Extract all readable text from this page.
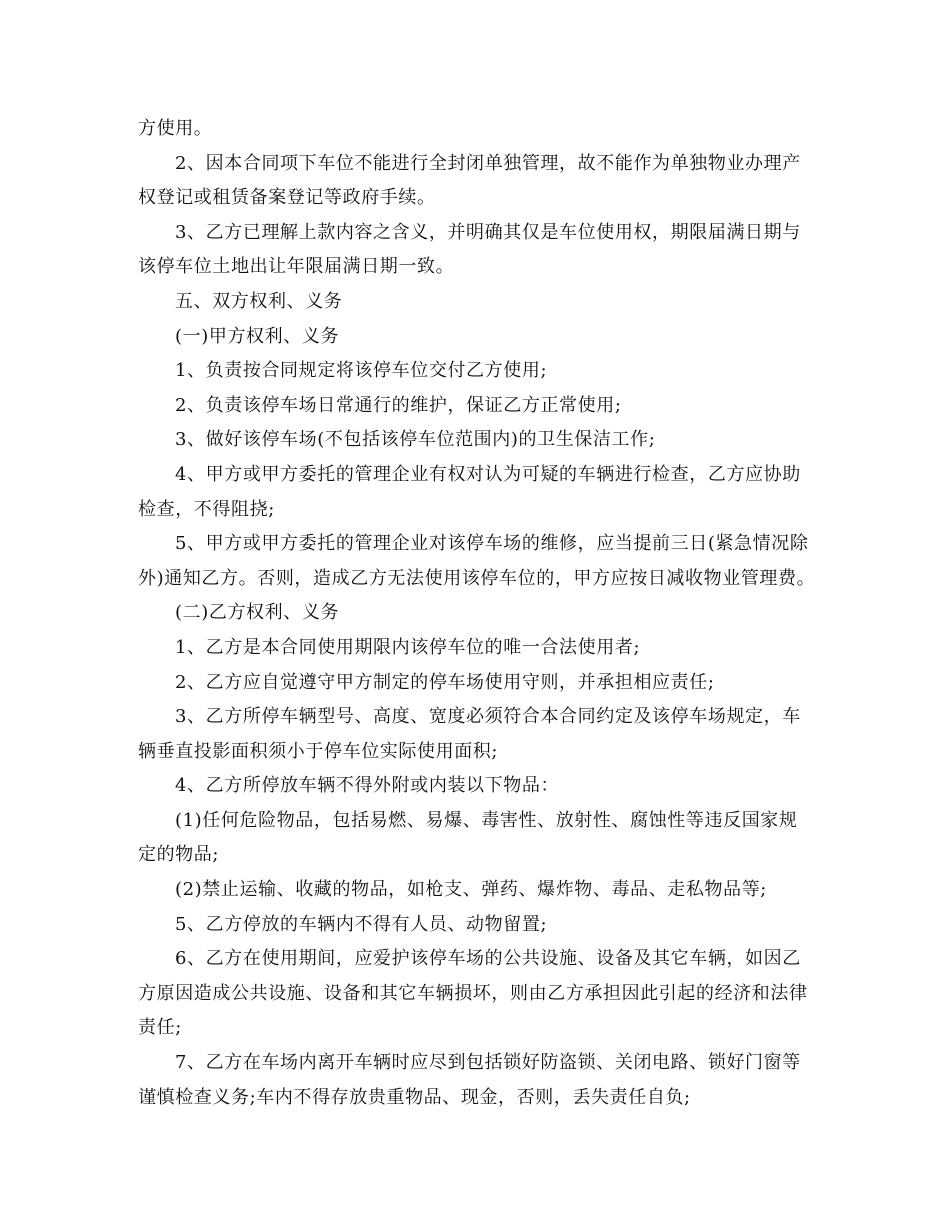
方使用。
2、因本合同项下车位不能进行全封闭单独管理，故不能作为单独物业办理产
权登记或租赁备案登记等政府手续。
3、乙方已理解上款内容之含义，并明确其仅是车位使用权，期限届满日期与
该停车位土地出让年限届满日期一致。
五、双方权利、义务
(一)甲方权利、义务
1、负责按合同规定将该停车位交付乙方使用;
2、负责该停车场日常通行的维护，保证乙方正常使用;
3、做好该停车场(不包括该停车位范围内)的卫生保洁工作;
4、甲方或甲方委托的管理企业有权对认为可疑的车辆进行检查，乙方应协助
检查，不得阻挠;
5、甲方或甲方委托的管理企业对该停车场的维修，应当提前三日(紧急情况除
外)通知乙方。否则，造成乙方无法使用该停车位的，甲方应按日减收物业管理费。
(二)乙方权利、义务
1、乙方是本合同使用期限内该停车位的唯一合法使用者;
2、乙方应自觉遵守甲方制定的停车场使用守则，并承担相应责任;
3、乙方所停车辆型号、高度、宽度必须符合本合同约定及该停车场规定，车
辆垂直投影面积须小于停车位实际使用面积;
4、乙方所停放车辆不得外附或内装以下物品：
(1)任何危险物品，包括易燃、易爆、毒害性、放射性、腐蚀性等违反国家规
定的物品;
(2)禁止运输、收藏的物品，如枪支、弹药、爆炸物、毒品、走私物品等;
5、乙方停放的车辆内不得有人员、动物留置;
6、乙方在使用期间，应爱护该停车场的公共设施、设备及其它车辆，如因乙
方原因造成公共设施、设备和其它车辆损坏，则由乙方承担因此引起的经济和法律
责任;
7、乙方在车场内离开车辆时应尽到包括锁好防盗锁、关闭电路、锁好门窗等
谨慎检查义务;车内不得存放贵重物品、现金，否则，丢失责任自负;
